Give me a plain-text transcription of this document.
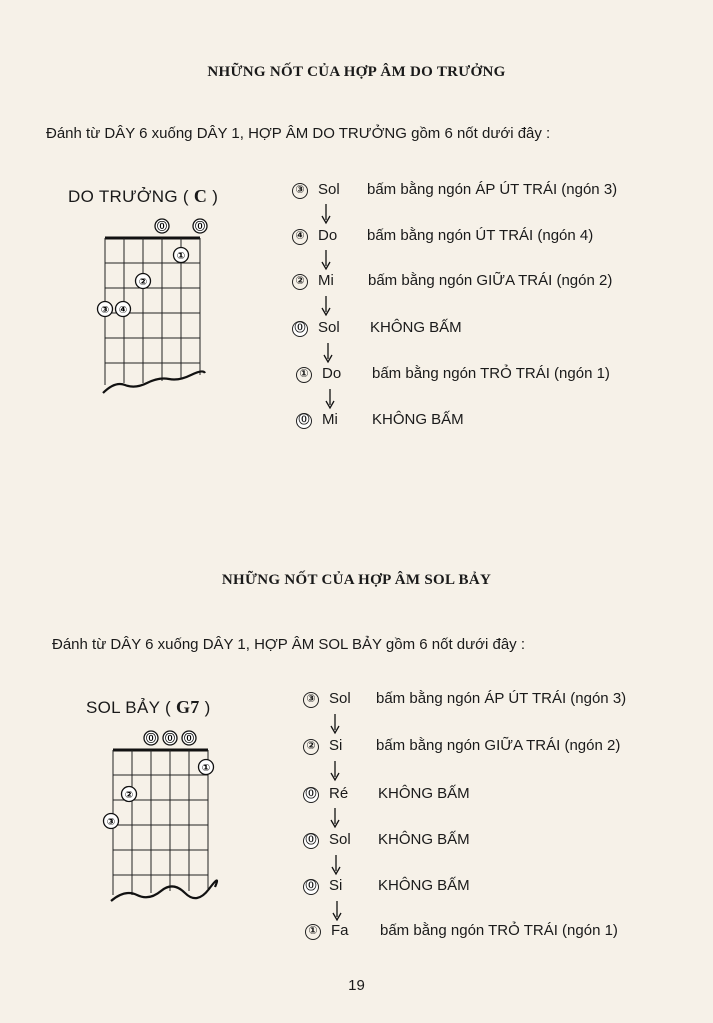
NHỮNG NỐT CỦA HỢP ÂM DO TRƯỞNG
Đánh từ DÂY 6 xuống DÂY 1, HỢP ÂM DO TRƯỞNG gồm 6 nốt dưới đây :
DO TRƯỞNG ( C )
⓪	⓪
①
②
③ ④
③ Sol bấm bằng ngón ÁP ÚT TRÁI (ngón 3)
④ Do bấm bằng ngón ÚT TRÁI (ngón 4)
② Mi bấm bằng ngón GIỮA TRÁI (ngón 2)
⓪ Sol KHÔNG BẤM
① Do bấm bằng ngón TRỎ TRÁI (ngón 1)
⓪ Mi KHÔNG BẤM
NHỮNG NỐT CỦA HỢP ÂM SOL BẢY
Đánh từ DÂY 6 xuống DÂY 1, HỢP ÂM SOL BẢY gồm 6 nốt dưới đây :
SOL BẢY ( G7 )
⓪ ⓪ ⓪
①
②
③
③ Sol bấm bằng ngón ÁP ÚT TRÁI (ngón 3)
② Si bấm bằng ngón GIỮA TRÁI (ngón 2)
⓪ Ré KHÔNG BẤM
⓪ Sol KHÔNG BẤM
⓪ Si KHÔNG BẤM
① Fa bấm bằng ngón TRỎ TRÁI (ngón 1)
19
